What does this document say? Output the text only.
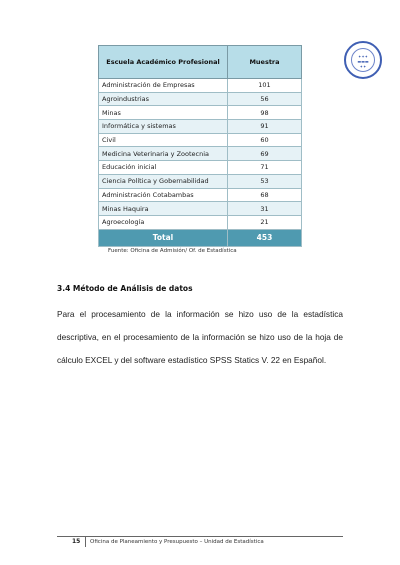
✦✦✦
▬▬▬
✦✦
Escuela Académico Profesional	Muestra
Administración de Empresas	101
Agroindustrias	56
Minas	98
Informática y sistemas	91
Civil	60
Medicina Veterinaria y Zootecnia	69
Educación inicial	71
Ciencia Política y Gobernabilidad	53
Administración Cotabambas	68
Minas Haquira	31
Agroecología	21
Total	453
Fuente: Oficina de Admisión/ Of. de Estadística
3.4 Método de Análisis de datos
Para el procesamiento de la información se hizo uso de la estadística descriptiva, en el procesamiento de la información se hizo uso de la hoja de cálculo EXCEL y del software estadístico SPSS Statics V. 22 en Español.
15 Oficina de Planeamiento y Presupuesto – Unidad de Estadística
